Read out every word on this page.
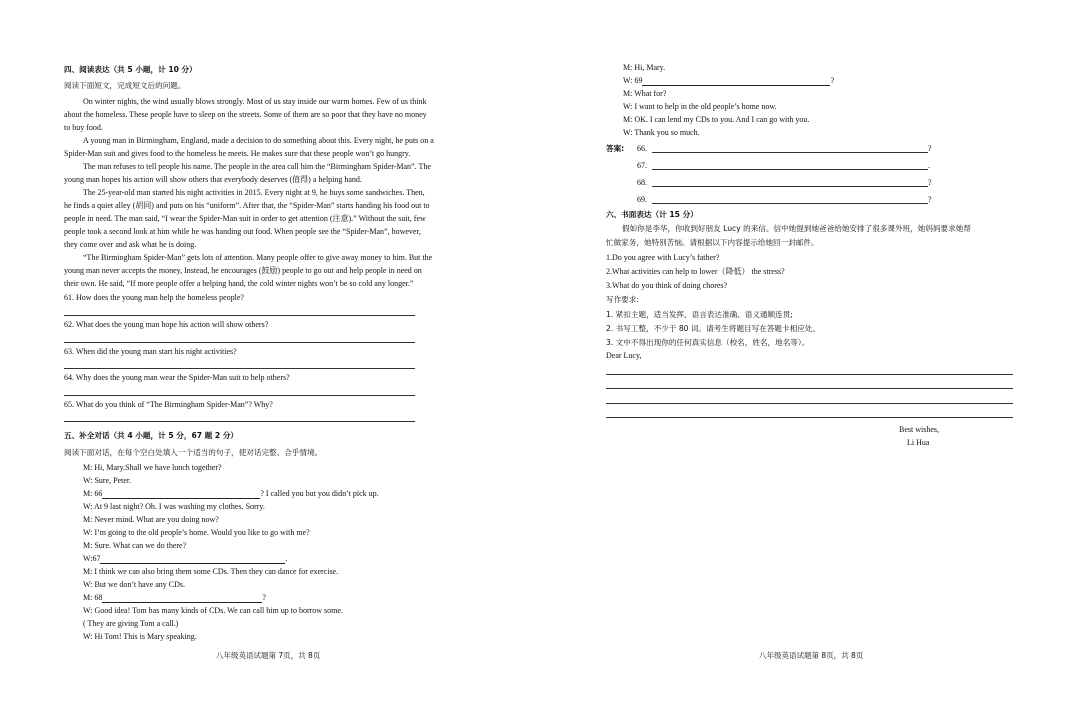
四、阅读表达（共 5 小题，计 10 分）
阅读下面短文，完成短文后的问题。
On winter nights, the wind usually blows strongly. Most of us stay inside our warm homes. Few of us think
about the homeless. These people have to sleep on the streets. Some of them are so poor that they have no money
to buy food.
A young man in Birmingham, England, made a decision to do something about this. Every night, he puts on a
Spider-Man suit and gives food to the homeless he meets. He makes sure that these people won’t go hungry.
The man refuses to tell people his name. The people in the area call him the “Birmingham Spider-Man”. The
young man hopes his action will show others that everybody deserves (值得) a helping hand.
The 25-year-old man started his night activities in 2015. Every night at 9, he buys some sandwiches. Then,
he finds a quiet alley (胡同) and puts on his “uniform”. After that, the “Spider-Man” starts handing his food out to
people in need. The man said, “I wear the Spider-Man suit in order to get attention (注意).” Without the suit, few
people took a second look at him while he was handing out food. When people see the “Spider-Man”, however,
they come over and ask what he is doing.
“The Birmingham Spider-Man” gets lots of attention. Many people offer to give away money to him. But the
young man never accepts the money, Instead, he encourages (鼓励) people to go out and help people in need on
their own. He said, “If more people offer a helping hand, the cold winter nights won’t be so cold any longer.”
61. How does the young man help the homeless people?
62. What does the young man hope his action will show others?
63. When did the young man start his night activities?
64. Why does the young man wear the Spider-Man suit to help others?
65. What do you think of “The Birmingham Spider-Man”? Why?
五、补全对话（共 4 小题，计 5 分，67 题 2 分）
阅读下面对话，在每个空白处填入一个适当的句子，使对话完整、合乎情境。
M: Hi, Mary.Shall we have lunch together?
W: Sure, Peter.
M: 66	? I called you but you didn’t pick up.
W: At 9 last night? Oh. I was washing my clothes. Sorry.
M: Never mind. What are you doing now?
W: I’m going to the old people’s home. Would you like to go with me?
M: Sure. What can we do there?
W:67	.
M: I think we can also bring them some CDs. Then they can dance for exercise.
W: But we don’t have any CDs.
M: 68	?
W: Good idea! Tom has many kinds of CDs. We can call him up to borrow some.
( They are giving Tom a call.)
W: Hi Tom! This is Mary speaking.
八年级英语试题第 7页，共 8页
M: Hi, Mary.
W: 69	?
M: What for?
W: I want to help in the old people’s home now.
M: OK. I can lend my CDs to you. And I can go with you.
W: Thank you so much.
答案: 66.	?
67.	.
68.	?
69.	?
六、书面表达（计 15 分）
假如你是李华，你收到好朋友 Lucy 的来信。信中她提到她爸爸给她安排了很多课外班，她妈妈要求她帮
忙做家务，她特别苦恼。请根据以下内容提示给她回一封邮件。
1.Do you agree with Lucy’s father?
2.What activities can help to lower（降低） the stress?
3.What do you think of doing chores?
写作要求:
1. 紧扣主题，适当发挥，语言表达准确、语义通顺连贯;
2. 书写工整，不少于 80 词。请考生将题目写在答题卡相应处。
3. 文中不得出现你的任何真实信息（校名，姓名，地名等）。
Dear Lucy,
Best wishes,
Li Hua
八年级英语试题第 8页，共 8页
